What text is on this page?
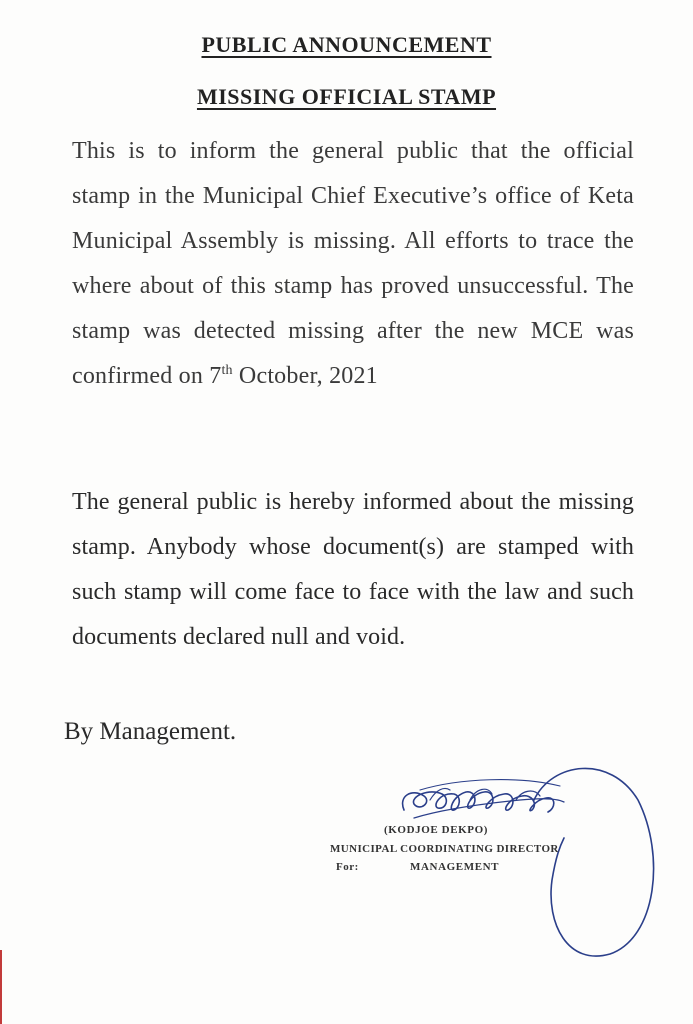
PUBLIC ANNOUNCEMENT
MISSING OFFICIAL STAMP
This is to inform the general public that the official stamp in the Municipal Chief Executive’s office of Keta Municipal Assembly is missing. All efforts to trace the where about of this stamp has proved unsuccessful. The stamp was detected missing after the new MCE was confirmed on 7th October, 2021
The general public is hereby informed about the missing stamp. Anybody whose document(s) are stamped with such stamp will come face to face with the law and such documents declared null and void.
By Management.
(KODJOE DEKPO)
MUNICIPAL COORDINATING DIRECTOR
For:	MANAGEMENT
